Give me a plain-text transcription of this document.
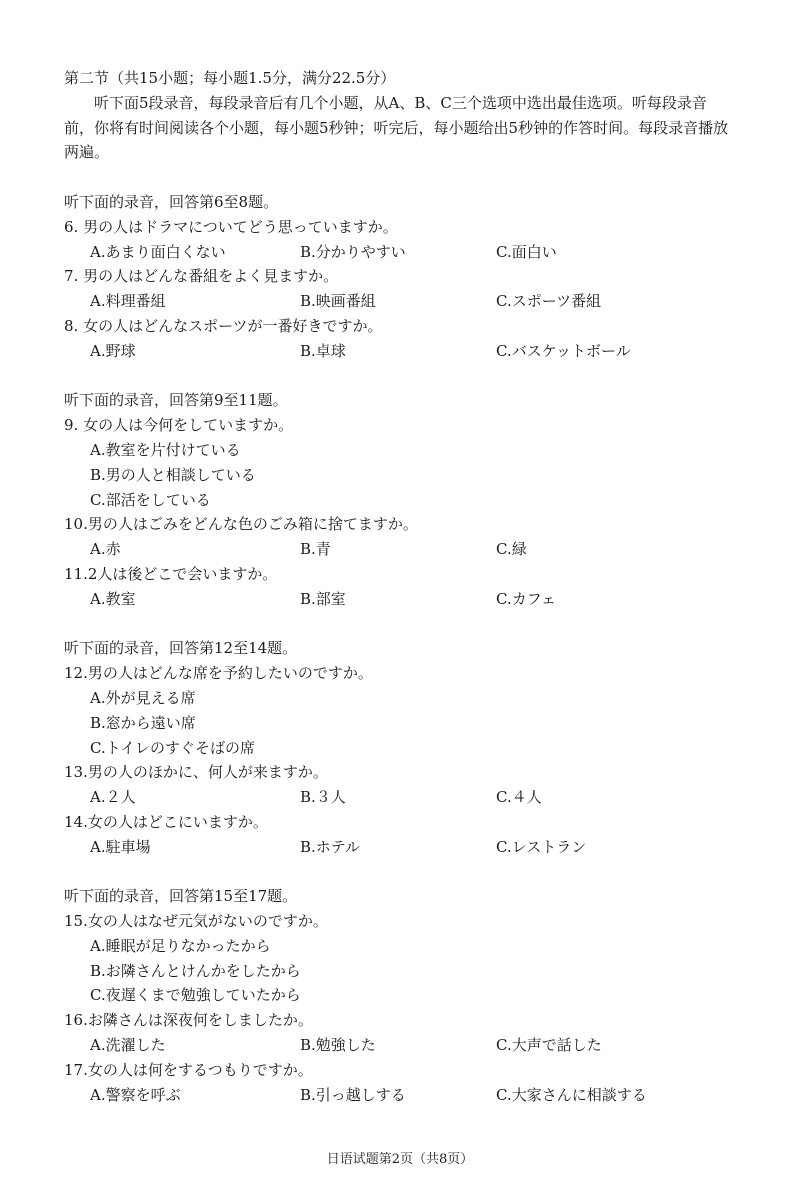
第二节（共15小题；每小题1.5分，满分22.5分）
听下面5段录音，每段录音后有几个小题，从A、B、C三个选项中选出最佳选项。听每段录音前，你将有时间阅读各个小题，每小题5秒钟；听完后，每小题给出5秒钟的作答时间。每段录音播放两遍。
听下面的录音，回答第6至8题。
6. 男の人はドラマについてどう思っていますか。
A.あまり面白くない	B.分かりやすい	C.面白い
7. 男の人はどんな番組をよく見ますか。
A.料理番組	B.映画番組	C.スポーツ番組
8. 女の人はどんなスポーツが一番好きですか。
A.野球	B.卓球	C.バスケットボール
听下面的录音，回答第9至11题。
9. 女の人は今何をしていますか。
A.教室を片付けている
B.男の人と相談している
C.部活をしている
10.男の人はごみをどんな色のごみ箱に捨てますか。
A.赤	B.青	C.緑
11.2人は後どこで会いますか。
A.教室	B.部室	C.カフェ
听下面的录音，回答第12至14题。
12.男の人はどんな席を予約したいのですか。
A.外が見える席
B.窓から遠い席
C.トイレのすぐそばの席
13.男の人のほかに、何人が来ますか。
A.２人	B.３人	C.４人
14.女の人はどこにいますか。
A.駐車場	B.ホテル	C.レストラン
听下面的录音，回答第15至17题。
15.女の人はなぜ元気がないのですか。
A.睡眠が足りなかったから
B.お隣さんとけんかをしたから
C.夜遅くまで勉強していたから
16.お隣さんは深夜何をしましたか。
A.洗濯した	B.勉強した	C.大声で話した
17.女の人は何をするつもりですか。
A.警察を呼ぶ	B.引っ越しする	C.大家さんに相談する
日语试题第2页（共8页）
